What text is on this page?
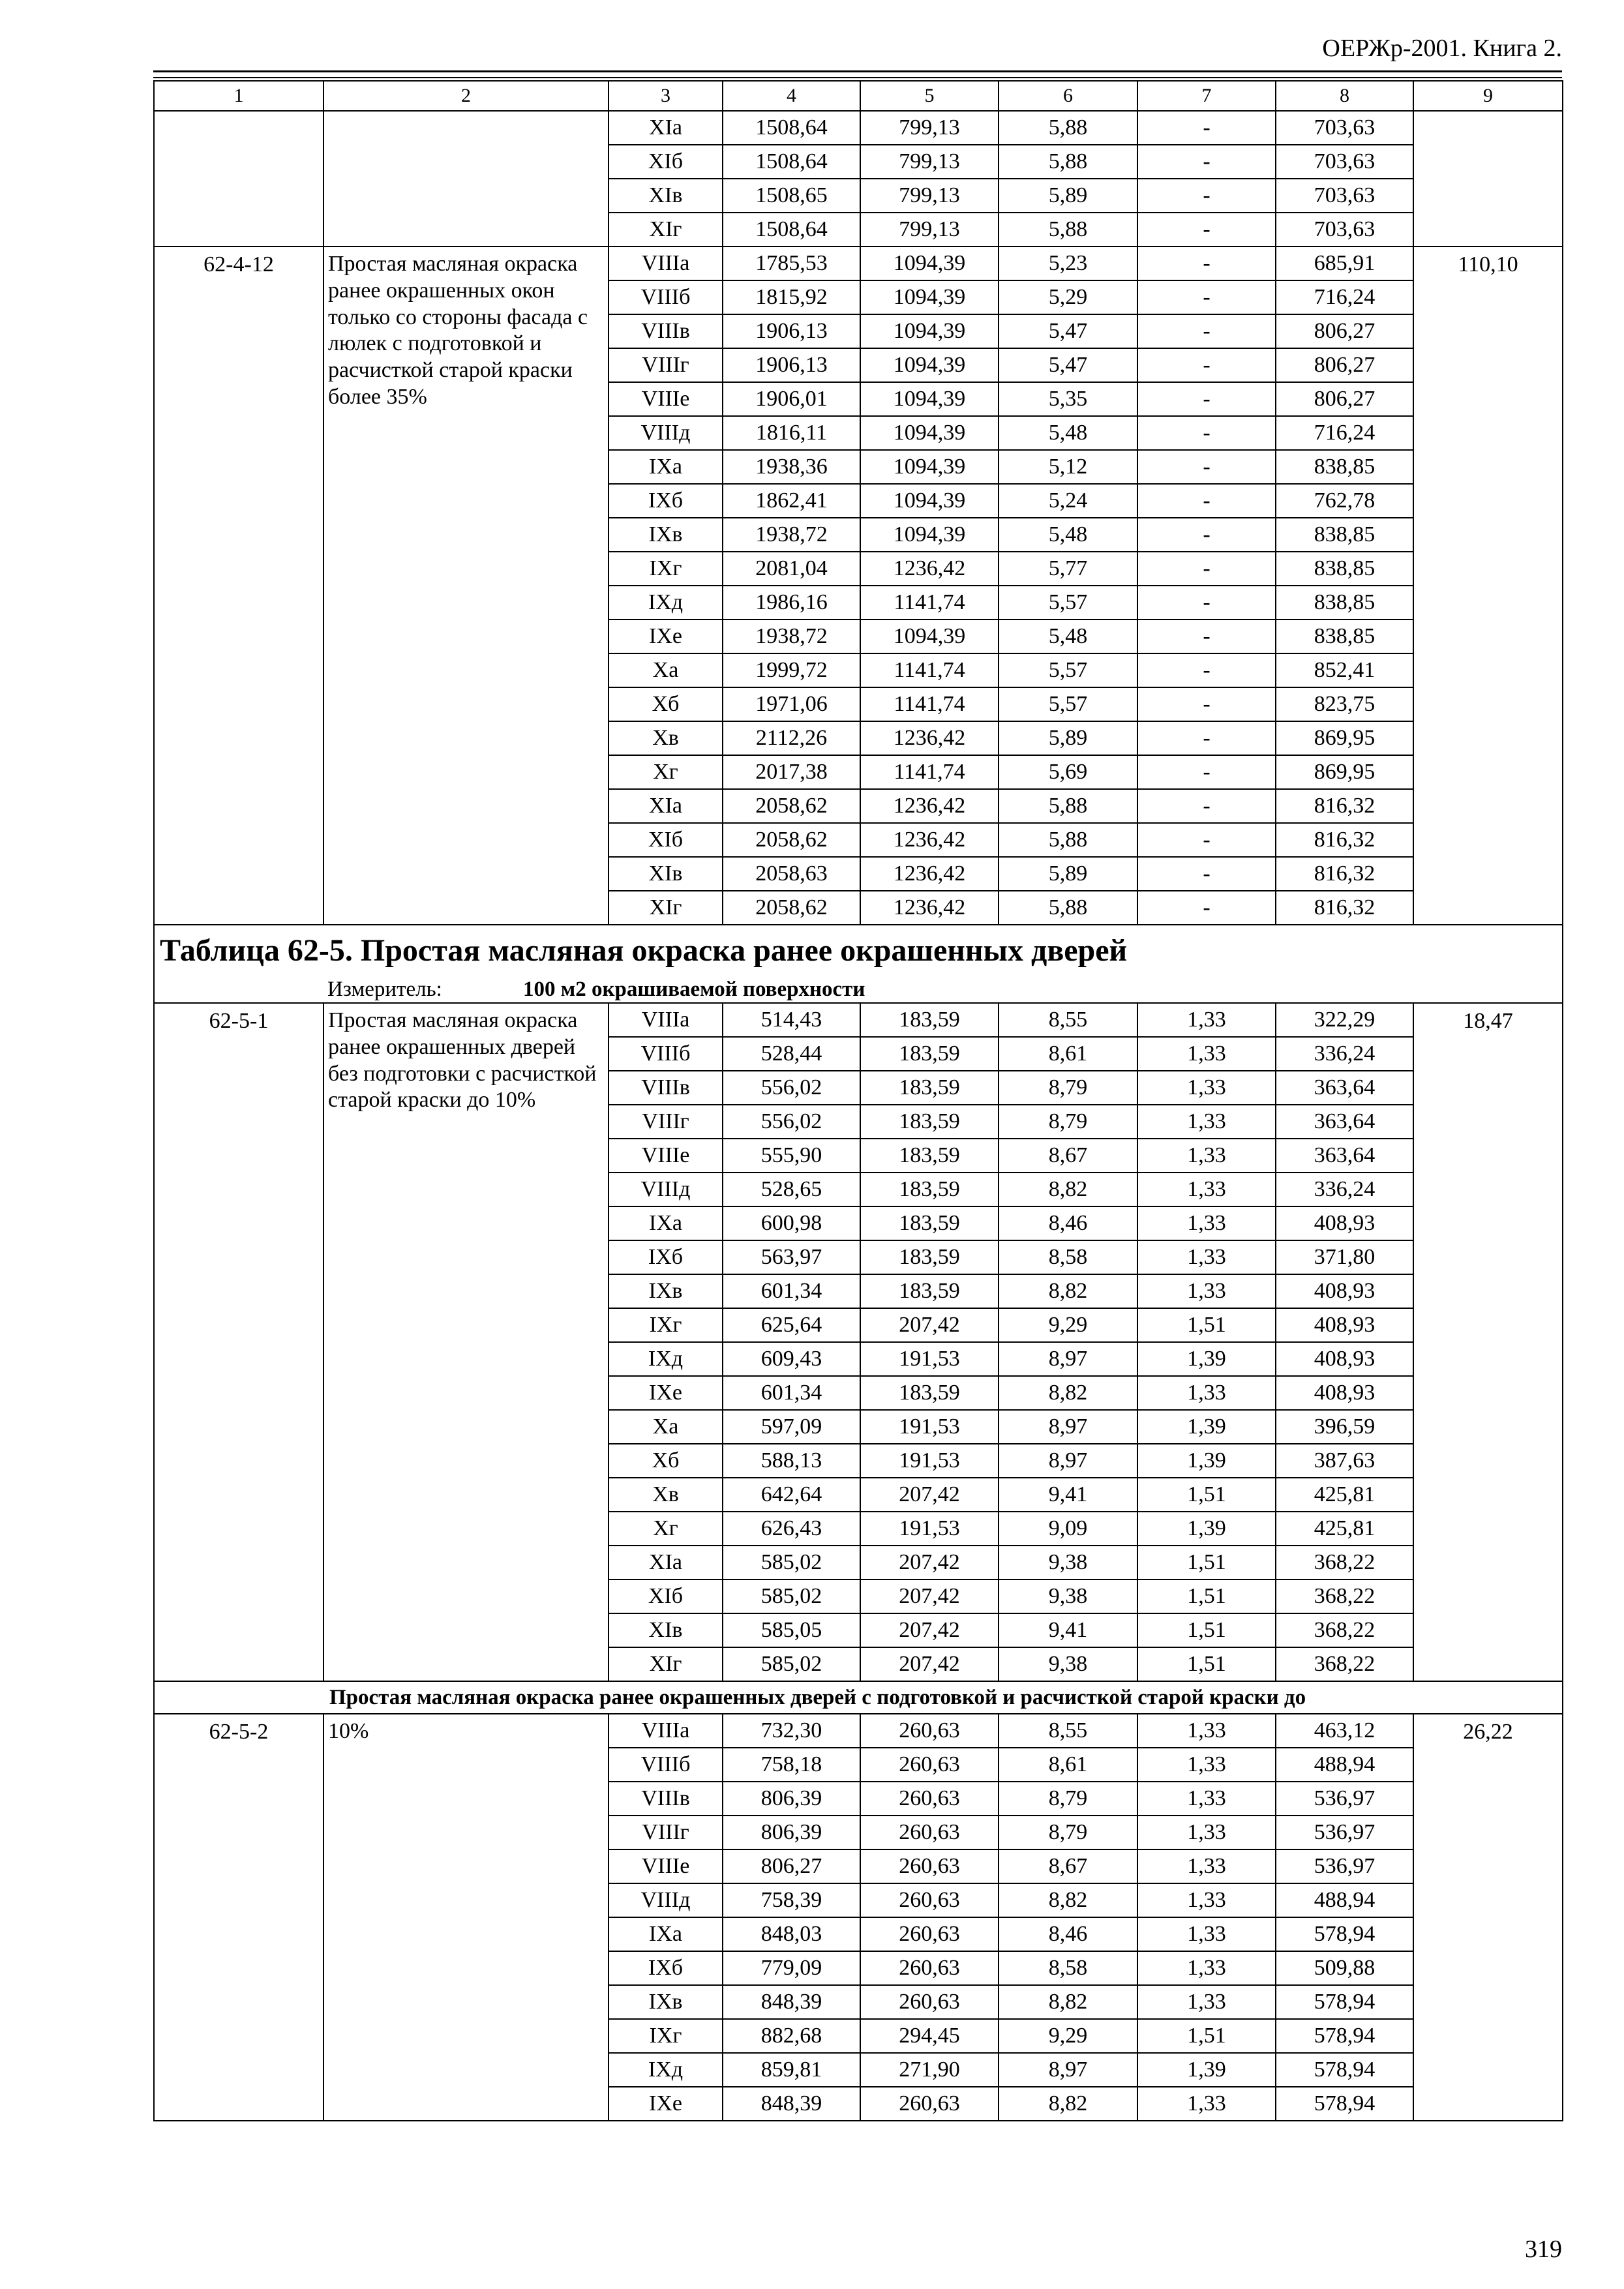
ОЕРЖр-2001. Книга 2.
1	2	3	4	5	6	7	8	9
		XIа	1508,64	799,13	5,88	-	703,63	
		XIб	1508,64	799,13	5,88	-	703,63	
		XIв	1508,65	799,13	5,89	-	703,63	
		XIг	1508,64	799,13	5,88	-	703,63	
62-4-12	Простая масляная окраска ранее окрашенных окон только со стороны фасада с люлек с подготовкой и расчисткой старой краски более 35%	VIIIа	1785,53	1094,39	5,23	-	685,91	110,10
		VIIIб	1815,92	1094,39	5,29	-	716,24	
		VIIIв	1906,13	1094,39	5,47	-	806,27	
		VIIIг	1906,13	1094,39	5,47	-	806,27	
		VIIIе	1906,01	1094,39	5,35	-	806,27	
		VIIIд	1816,11	1094,39	5,48	-	716,24	
		IXа	1938,36	1094,39	5,12	-	838,85	
		IXб	1862,41	1094,39	5,24	-	762,78	
		IXв	1938,72	1094,39	5,48	-	838,85	
		IXг	2081,04	1236,42	5,77	-	838,85	
		IXд	1986,16	1141,74	5,57	-	838,85	
		IXе	1938,72	1094,39	5,48	-	838,85	
		Xа	1999,72	1141,74	5,57	-	852,41	
		Xб	1971,06	1141,74	5,57	-	823,75	
		Xв	2112,26	1236,42	5,89	-	869,95	
		Xг	2017,38	1141,74	5,69	-	869,95	
		XIа	2058,62	1236,42	5,88	-	816,32	
		XIб	2058,62	1236,42	5,88	-	816,32	
		XIв	2058,63	1236,42	5,89	-	816,32	
		XIг	2058,62	1236,42	5,88	-	816,32	
Таблица 62-5. Простая масляная окраска ранее окрашенных дверей								
Измеритель: 100 м2 окрашиваемой поверхности								
62-5-1	Простая масляная окраска ранее окрашенных дверей без подготовки с расчисткой старой краски до 10%	VIIIа	514,43	183,59	8,55	1,33	322,29	18,47
		VIIIб	528,44	183,59	8,61	1,33	336,24	
		VIIIв	556,02	183,59	8,79	1,33	363,64	
		VIIIг	556,02	183,59	8,79	1,33	363,64	
		VIIIе	555,90	183,59	8,67	1,33	363,64	
		VIIIд	528,65	183,59	8,82	1,33	336,24	
		IXа	600,98	183,59	8,46	1,33	408,93	
		IXб	563,97	183,59	8,58	1,33	371,80	
		IXв	601,34	183,59	8,82	1,33	408,93	
		IXг	625,64	207,42	9,29	1,51	408,93	
		IXд	609,43	191,53	8,97	1,39	408,93	
		IXе	601,34	183,59	8,82	1,33	408,93	
		Xа	597,09	191,53	8,97	1,39	396,59	
		Xб	588,13	191,53	8,97	1,39	387,63	
		Xв	642,64	207,42	9,41	1,51	425,81	
		Xг	626,43	191,53	9,09	1,39	425,81	
		XIа	585,02	207,42	9,38	1,51	368,22	
		XIб	585,02	207,42	9,38	1,51	368,22	
		XIв	585,05	207,42	9,41	1,51	368,22	
		XIг	585,02	207,42	9,38	1,51	368,22	
Простая масляная окраска ранее окрашенных дверей с подготовкой и расчисткой старой краски до								
62-5-2	10%	VIIIа	732,30	260,63	8,55	1,33	463,12	26,22
		VIIIб	758,18	260,63	8,61	1,33	488,94	
		VIIIв	806,39	260,63	8,79	1,33	536,97	
		VIIIг	806,39	260,63	8,79	1,33	536,97	
		VIIIе	806,27	260,63	8,67	1,33	536,97	
		VIIIд	758,39	260,63	8,82	1,33	488,94	
		IXа	848,03	260,63	8,46	1,33	578,94	
		IXб	779,09	260,63	8,58	1,33	509,88	
		IXв	848,39	260,63	8,82	1,33	578,94	
		IXг	882,68	294,45	9,29	1,51	578,94	
		IXд	859,81	271,90	8,97	1,39	578,94	
		IXе	848,39	260,63	8,82	1,33	578,94	
319
